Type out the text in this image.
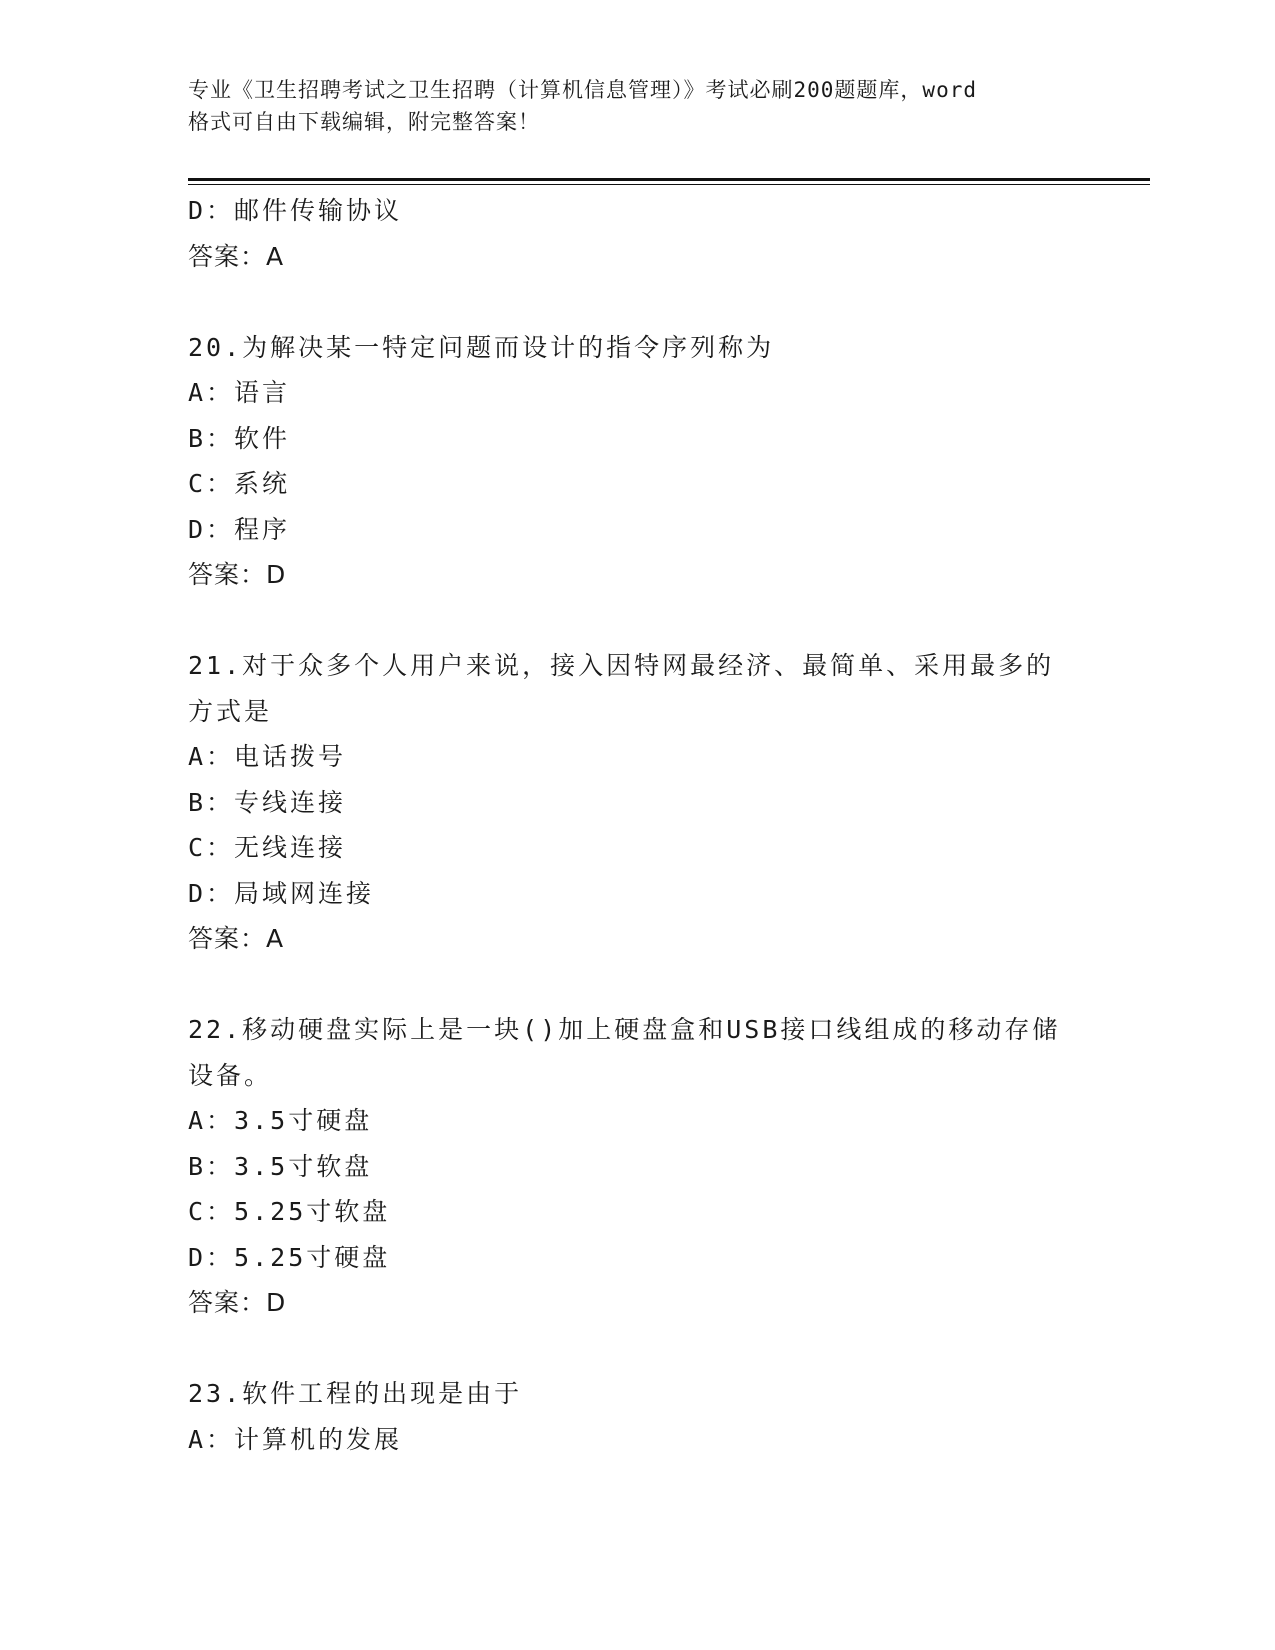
专业《卫生招聘考试之卫生招聘（计算机信息管理）》考试必刷200题题库，word

格式可自由下载编辑，附完整答案！

D：邮件传输协议
答案：A
20.为解决某一特定问题而设计的指令序列称为
A：语言
B：软件
C：系统
D：程序
答案：D
21.对于众多个人用户来说，接入因特网最经济、最简单、采用最多的
方式是
A：电话拨号
B：专线连接
C：无线连接
D：局域网连接
答案：A
22.移动硬盘实际上是一块()加上硬盘盒和USB接口线组成的移动存储
设备。
A：3.5寸硬盘
B：3.5寸软盘
C：5.25寸软盘
D：5.25寸硬盘
答案：D
23.软件工程的出现是由于
A：计算机的发展
